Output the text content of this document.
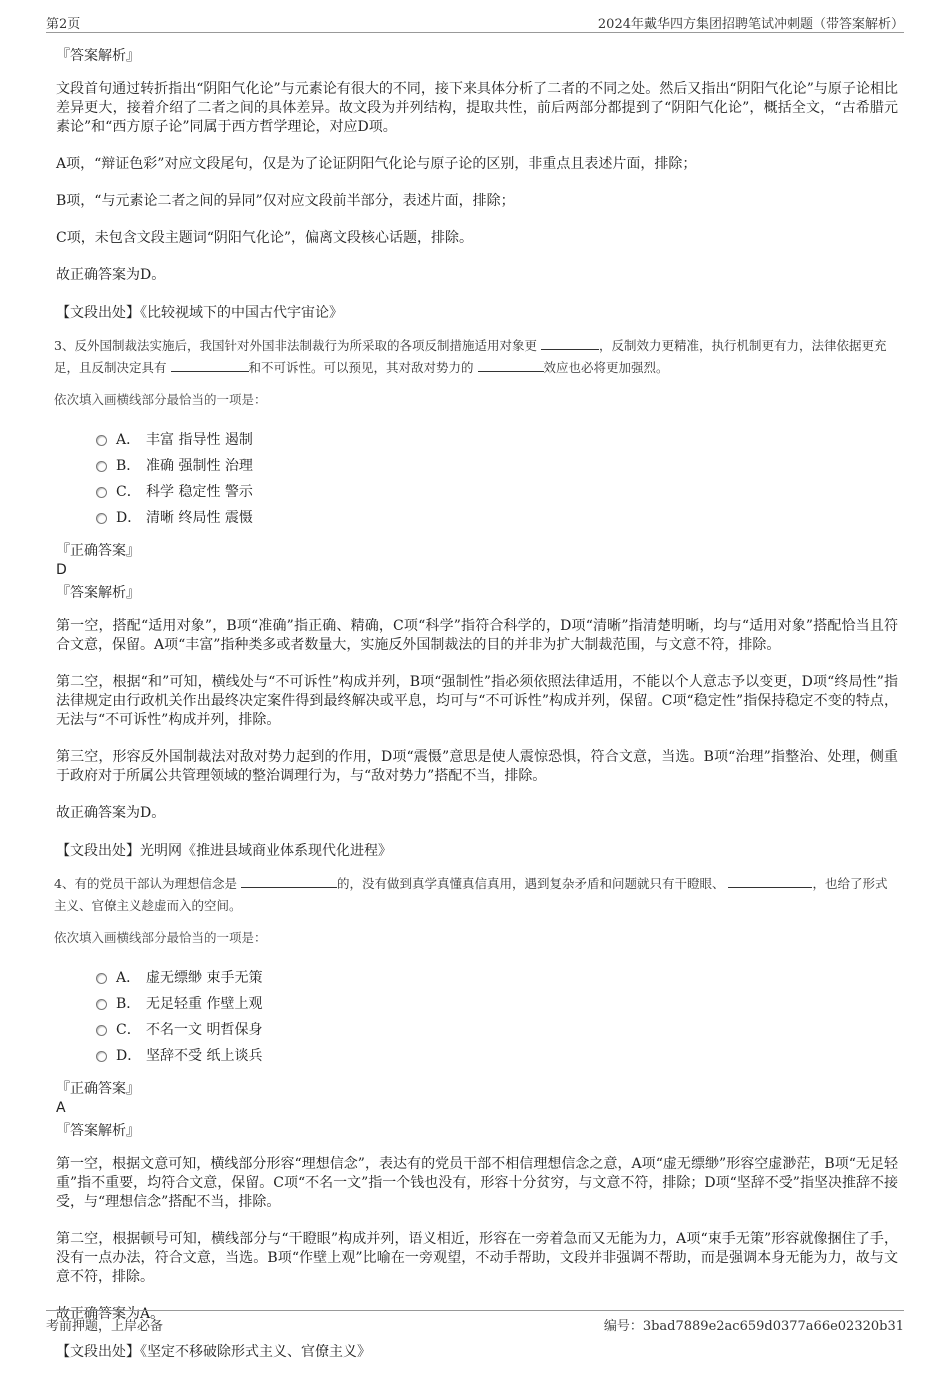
第2页	2024年戴华四方集团招聘笔试冲刺题（带答案解析）
『答案解析』

文段首句通过转折指出“阴阳气化论”与元素论有很大的不同，接下来具体分析了二者的不同之处。然后又指出“阴阳气化论”与原子论相比差异更大，接着介绍了二者之间的具体差异。故文段为并列结构，提取共性，前后两部分都提到了“阴阳气化论”，概括全文，“古希腊元素论”和“西方原子论”同属于西方哲学理论，对应D项。

A项，“辩证色彩”对应文段尾句，仅是为了论证阴阳气化论与原子论的区别，非重点且表述片面，排除；

B项，“与元素论二者之间的异同”仅对应文段前半部分，表述片面，排除；

C项，未包含文段主题词“阴阳气化论”，偏离文段核心话题，排除。

故正确答案为D。

【文段出处】《比较视域下的中国古代宇宙论》
3、反外国制裁法实施后，我国针对外国非法制裁行为所采取的各项反制措施适用对象更	，反制效力更精准，执行机制更有力，法律依据更充足，且反制决定具有	和不可诉性。可以预见，其对敌对势力的	效应也必将更加强烈。
依次填入画横线部分最恰当的一项是：
A． 丰富 指导性 遏制
B． 准确 强制性 治理
C． 科学 稳定性 警示
D． 清晰 终局性 震慑
『正确答案』
D
『答案解析』

第一空，搭配“适用对象”，B项“准确”指正确、精确，C项“科学”指符合科学的，D项“清晰”指清楚明晰，均与“适用对象”搭配恰当且符合文意，保留。A项“丰富”指种类多或者数量大，实施反外国制裁法的目的并非为扩大制裁范围，与文意不符，排除。

第二空，根据“和”可知，横线处与“不可诉性”构成并列，B项“强制性”指必须依照法律适用，不能以个人意志予以变更，D项“终局性”指法律规定由行政机关作出最终决定案件得到最终解决或平息，均可与“不可诉性”构成并列，保留。C项“稳定性”指保持稳定不变的特点，无法与“不可诉性”构成并列，排除。

第三空，形容反外国制裁法对敌对势力起到的作用，D项“震慑”意思是使人震惊恐惧，符合文意，当选。B项“治理”指整治、处理，侧重于政府对于所属公共管理领域的整治调理行为，与“敌对势力”搭配不当，排除。

故正确答案为D。

【文段出处】光明网《推进县域商业体系现代化进程》
4、有的党员干部认为理想信念是	的，没有做到真学真懂真信真用，遇到复杂矛盾和问题就只有干瞪眼、	，也给了形式主义、官僚主义趁虚而入的空间。
依次填入画横线部分最恰当的一项是：
A． 虚无缥缈 束手无策
B． 无足轻重 作壁上观
C． 不名一文 明哲保身
D． 坚辞不受 纸上谈兵
『正确答案』
A
『答案解析』

第一空，根据文意可知，横线部分形容“理想信念”，表达有的党员干部不相信理想信念之意，A项“虚无缥缈”形容空虚渺茫，B项“无足轻重”指不重要，均符合文意，保留。C项“不名一文”指一个钱也没有，形容十分贫穷，与文意不符，排除；D项“坚辞不受”指坚决推辞不接受，与“理想信念”搭配不当，排除。

第二空，根据顿号可知，横线部分与“干瞪眼”构成并列，语义相近，形容在一旁着急而又无能为力，A项“束手无策”形容就像捆住了手，没有一点办法，符合文意，当选。B项“作壁上观”比喻在一旁观望，不动手帮助，文段并非强调不帮助，而是强调本身无能为力，故与文意不符，排除。

故正确答案为A。

【文段出处】《坚定不移破除形式主义、官僚主义》
考前押题，上岸必备	编号：3bad7889e2ac659d0377a66e02320b31
